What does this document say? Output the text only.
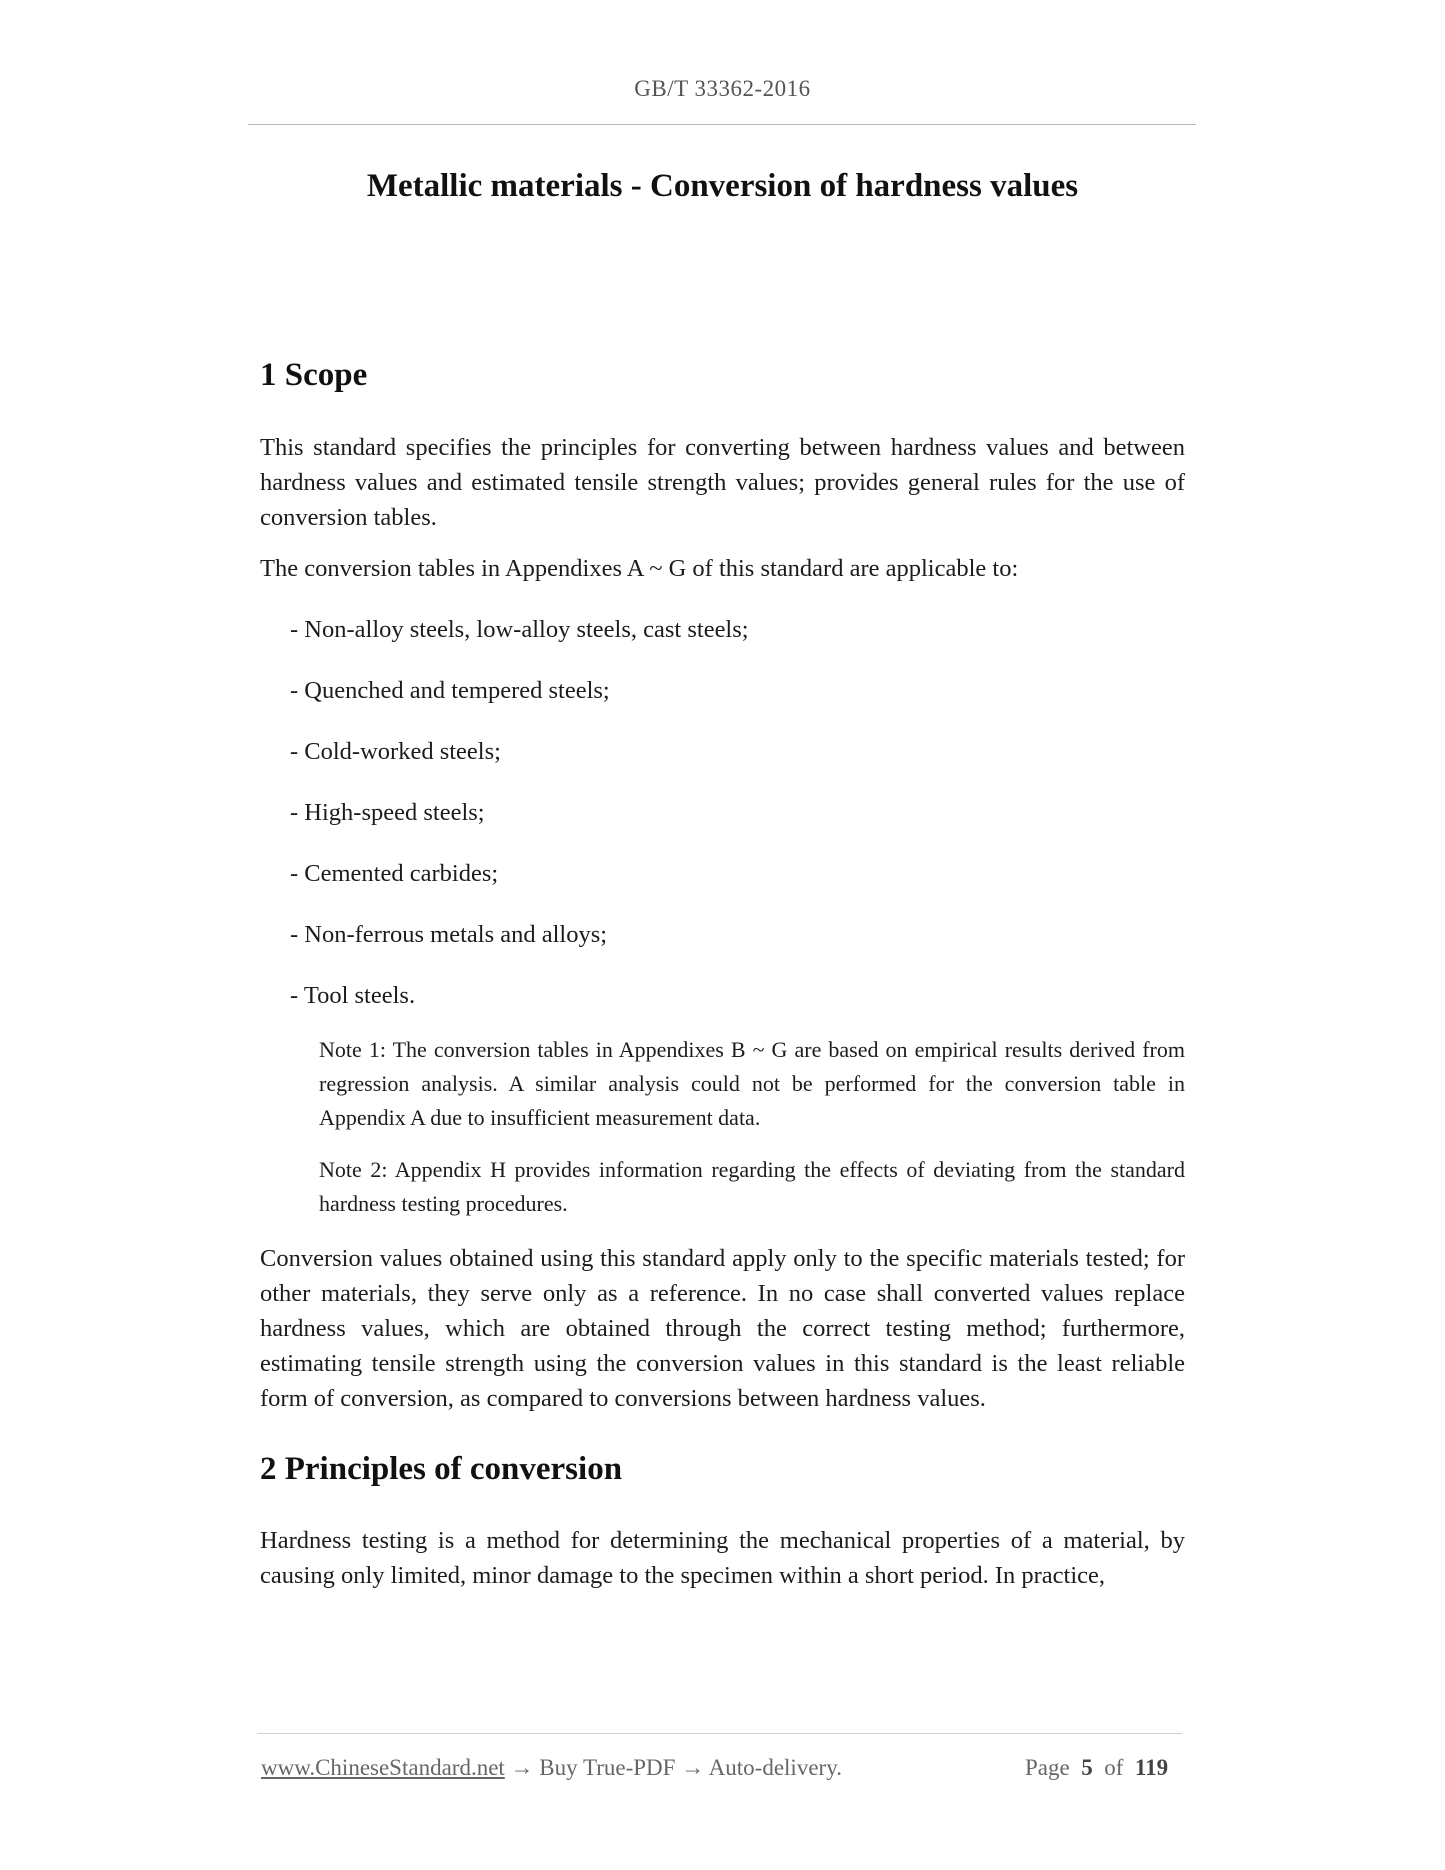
GB/T 33362-2016
Metallic materials - Conversion of hardness values
1 Scope

This standard specifies the principles for converting between hardness values and between hardness values and estimated tensile strength values; provides general rules for the use of conversion tables.

The conversion tables in Appendixes A ~ G of this standard are applicable to:

- Non-alloy steels, low-alloy steels, cast steels;
- Quenched and tempered steels;
- Cold-worked steels;
- High-speed steels;
- Cemented carbides;
- Non-ferrous metals and alloys;
- Tool steels.

Note 1: The conversion tables in Appendixes B ~ G are based on empirical results derived from regression analysis. A similar analysis could not be performed for the conversion table in Appendix A due to insufficient measurement data.

Note 2: Appendix H provides information regarding the effects of deviating from the standard hardness testing procedures.

Conversion values obtained using this standard apply only to the specific materials tested; for other materials, they serve only as a reference. In no case shall converted values replace hardness values, which are obtained through the correct testing method; furthermore, estimating tensile strength using the conversion values in this standard is the least reliable form of conversion, as compared to conversions between hardness values.

2 Principles of conversion

Hardness testing is a method for determining the mechanical properties of a material, by causing only limited, minor damage to the specimen within a short period. In practice,

www.ChineseStandard.net → Buy True-PDF → Auto-delivery.	Page 5 of 119
